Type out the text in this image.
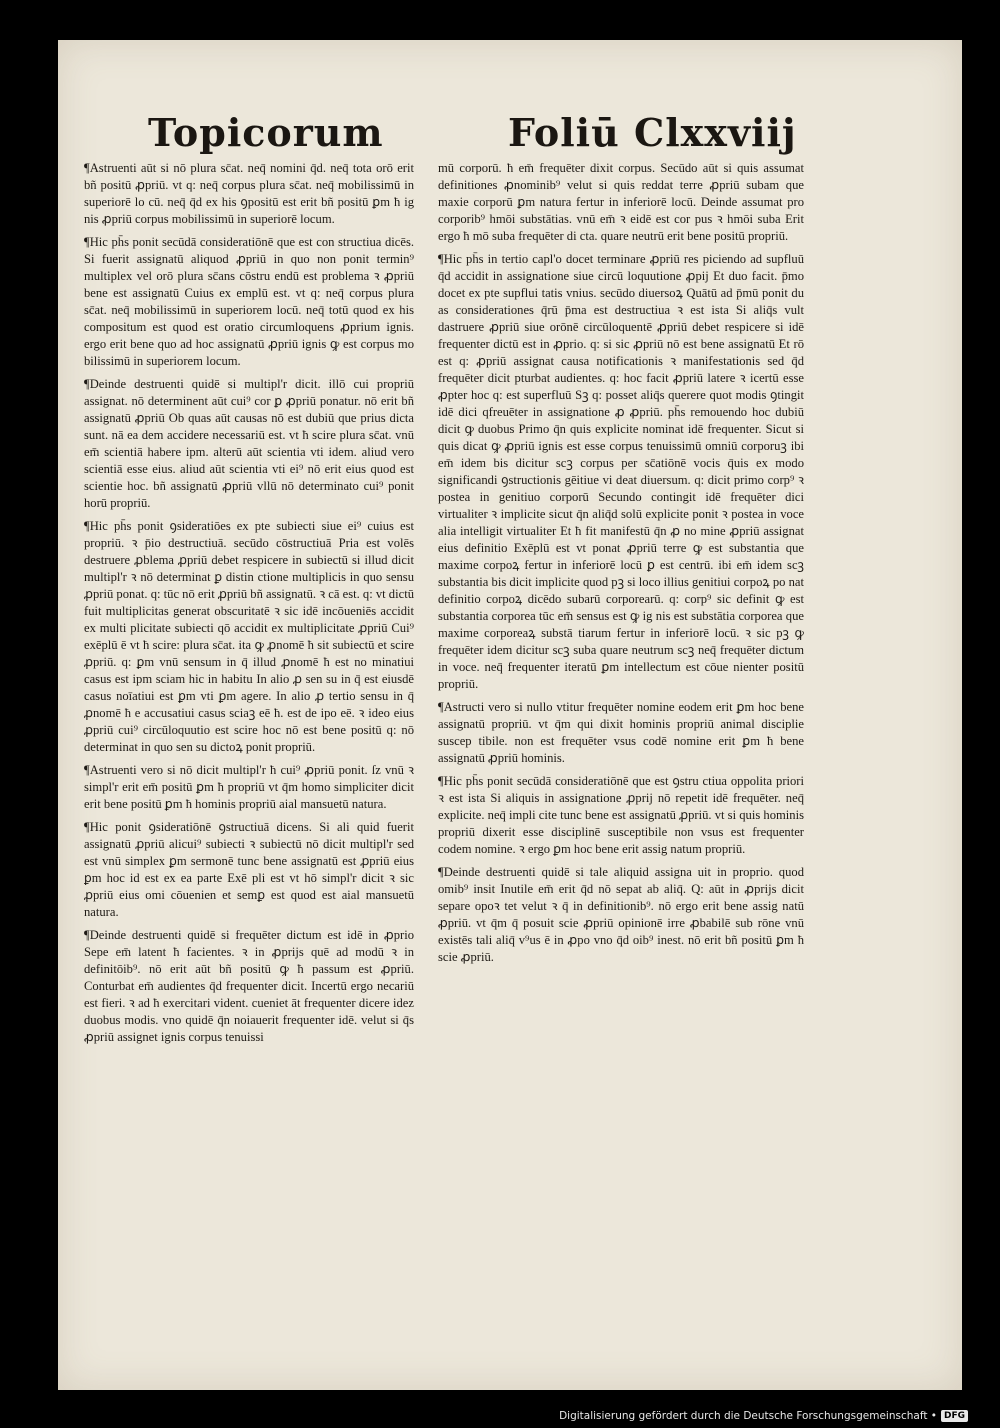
Topicorum	Foliū Clxxviij

¶Astruenti aūt si nō plura sc̄at. neq̄ nomini q̄d. neq̄ tota orō erit bñ positū ꝓpriū. vt q: neq̄ corpus plura sc̄at. neq̄ mobilissimū in superiorē lo cū. neq̄ q̄d ex his ꝯpositū est erit bñ positū ꝑm ħ ig nis ꝓpriū corpus mobilissimū in superiorē locum.

¶Hic ph̄s ponit secūdā consideratiōnē que est con structiua dicēs. Si fuerit assignatū aliquod ꝓpriū in quo non ponit termin⁹ multiplex vel orō plura sc̄ans cōstru endū est problema ꝛ ꝓpriū bene est assignatū Cuius ex emplū est. vt q: neq̄ corpus plura sc̄at. neq̄ mobilissimū in superiorem locū. neq̄ totū quod ex his compositum est quod est oratio circumloquens ꝓprium ignis. ergo erit bene quo ad hoc assignatū ꝓpriū ignis ꝙ est corpus mo bilissimū in superiorem locum.

¶Deinde destruenti quidē si multipl'r dicit. illō cui propriū assignat. nō determinent aūt cui⁹ cor ꝑ ꝓpriū ponatur. nō erit bñ assignatū ꝓpriū Ob quas aūt causas nō est dubiū que prius dicta sunt. nā ea dem accidere necessariū est. vt ħ scire plura sc̄at. vnū em̄ scientiā habere ipm. alterū aūt scientia vti idem. aliud vero scientiā esse eius. aliud aūt scientia vti ei⁹ nō erit eius quod est scientie hoc. bñ assignatū ꝓpriū vllū nō determinato cui⁹ ponit horū propriū.

¶Hic ph̄s ponit ꝯsideratiōes ex pte subiecti siue ei⁹ cuius est propriū. ꝛ p̄io destructiuā. secūdo cōstructiuā Pria est volēs destruere ꝓblema ꝓpriū debet respicere in subiectū si illud dicit multipl'r ꝛ nō determinat ꝑ distin ctione multiplicis in quo sensu ꝓpriū ponat. q: tūc nō erit ꝓpriū bñ assignatū. ꝛ cā est. q: vt dictū fuit multiplicitas generat obscuritatē ꝛ sic idē incōueniēs accidit ex multi plicitate subiecti qō accidit ex multiplicitate ꝓpriū Cui⁹ exēplū ē vt ħ scire: plura sc̄at. ita ꝙ ꝓnomē ħ sit subiectū et scire ꝓpriū. q: ꝑm vnū sensum in q̄ illud ꝓnomē ħ est no minatiui casus est ipm sciam hic in habitu In alio ꝓ sen su in q̄ est eiusdē casus noīatiui est ꝑm vti ꝑm agere. In alio ꝓ tertio sensu in q̄ ꝓnomē ħ e accusatiui casus sciaꝫ eē ħ. est de ipo eē. ꝛ ideo eius ꝓpriū cui⁹ circūloquutio est scire hoc nō est bene positū q: nō determinat in quo sen su dictoꝝ ponit propriū.

¶Astruenti vero si nō dicit multipl'r ħ cui⁹ ꝓpriū ponit. ſz vnū ꝛ simpl'r erit em̄ positū ꝑm ħ propriū vt q̄m homo simpliciter dicit erit bene positū ꝑm ħ hominis propriū aial mansuetū natura.

¶Hic ponit ꝯsideratiōnē ꝯstructiuā dicens. Si ali quid fuerit assignatū ꝓpriū alicui⁹ subiecti ꝛ subiectū nō dicit multipl'r sed est vnū simplex ꝑm sermonē tunc bene assignatū est ꝓpriū eius ꝑm hoc id est ex ea parte Exē pli est vt hō simpl'r dicit ꝛ sic ꝓpriū eius omi cōuenien et semꝑ est quod est aial mansuetū natura.

¶Deinde destruenti quidē si frequēter dictum est idē in ꝓprio Sepe em̄ latent ħ facientes. ꝛ in ꝓprijs quē ad modū ꝛ in definitōib⁹. nō erit aūt bñ positū ꝙ ħ passum est ꝓpriū. Conturbat em̄ audientes q̄d frequenter dicit. Incertū ergo necariū est fieri. ꝛ ad ħ exercitari vident. cueniet āt frequenter dicere idez duobus modis. vno quidē q̄n noiauerit frequenter idē. velut si q̄s ꝓpriū assignet ignis corpus tenuissi

mū corporū. ħ em̄ frequēter dixit corpus. Secūdo aūt si quis assumat definitiones ꝓnominib⁹ velut si quis reddat terre ꝓpriū subam que maxie corporū ꝑm natura fertur in inferiorē locū. Deinde assumat pro corporib⁹ hmōi substātias. vnū em̄ ꝛ eidē est cor pus ꝛ hmōi suba Erit ergo ħ mō suba frequēter di cta. quare neutrū erit bene positū propriū.

¶Hic ph̄s in tertio capl'o docet terminare ꝓpriū res piciendo ad supfluū q̄d accidit in assignatione siue circū loquutione ꝓpij Et duo facit. p̄mo docet ex pte supflui tatis vnius. secūdo diuersoꝝ Quātū ad p̄mū ponit du as considerationes q̄rū p̄ma est destructiua ꝛ est ista Si aliq̄s vult dastruere ꝓpriū siue orōnē circūloquentē ꝓpriū debet respicere si idē frequenter dictū est in ꝓprio. q: si sic ꝓpriū nō est bene assignatū Et rō est q: ꝓpriū assignat causa notificationis ꝛ manifestationis sed q̄d frequēter dicit pturbat audientes. q: hoc facit ꝓpriū latere ꝛ icertū esse ꝓpter hoc q: est superfluū Sꝫ q: posset aliq̄s querere quot modis ꝯtingit idē dici qfreuēter in assignatione ꝓ ꝓpriū. ph̄s remouendo hoc dubiū dicit ꝙ duobus Primo q̄n quis explicite nominat idē frequenter. Sicut si quis dicat ꝙ ꝓpriū ignis est esse corpus tenuissimū omniū corporuꝫ ibi em̄ idem bis dicitur scꝫ corpus per sc̄atiōnē vocis q̄uis ex modo significandi ꝯstructionis gēitiue vi deat diuersum. q: dicit primo corp⁹ ꝛ postea in genitiuo corporū Secundo contingit idē frequēter dici virtualiter ꝛ implicite sicut q̄n aliq̄d solū explicite ponit ꝛ postea in voce alia intelligit virtualiter Et ħ fit manifestū q̄n ꝓ no mine ꝓpriū assignat eius definitio Exēplū est vt ponat ꝓpriū terre ꝙ est substantia que maxime corpoꝝ fertur in inferiorē locū ꝑ est centrū. ibi em̄ idem scꝫ substantia bis dicit implicite quod pꝫ si loco illius genitiui corpoꝝ po nat definitio corpoꝝ dicēdo subarū corporearū. q: corp⁹ sic definit ꝙ est substantia corporea tūc em̄ sensus est ꝙ ig nis est substātia corporea que maxime corporeaꝝ substā tiarum fertur in inferiorē locū. ꝛ sic pꝫ ꝙ frequēter idem dicitur scꝫ suba quare neutrum scꝫ neq̄ frequēter dictum in voce. neq̄ frequenter iteratū ꝑm intellectum est cōue nienter positū propriū.

¶Astructi vero si nullo vtitur frequēter nomine eodem erit ꝑm hoc bene assignatū propriū. vt q̄m qui dixit hominis propriū animal disciplie suscep tibile. non est frequēter vsus codē nomine erit ꝑm ħ bene assignatū ꝓpriū hominis.

¶Hic ph̄s ponit secūdā consideratiōnē que est ꝯstru ctiua oppolita priori ꝛ est ista Si aliquis in assignatione ꝓprij nō repetit idē frequēter. neq̄ explicite. neq̄ impli cite tunc bene est assignatū ꝓpriū. vt si quis hominis propriū dixerit esse disciplinē susceptibile non vsus est frequenter codem nomine. ꝛ ergo ꝑm hoc bene erit assig natum propriū.

¶Deinde destruenti quidē si tale aliquid assigna uit in proprio. quod omib⁹ insit Inutile em̄ erit q̄d nō sepat ab aliq̄. Q: aūt in ꝓprijs dicit separe opoꝛ tet velut ꝛ q̄ in definitionib⁹. nō ergo erit bene assig natū ꝓpriū. vt q̄m q̄ posuit scie ꝓpriū opinionē irre ꝓbabilē sub rōne vnū existēs tali aliq̄ v⁹us ē in ꝓpo vno q̄d oib⁹ inest. nō erit bñ positū ꝑm ħ scie ꝓpriū.

Digitalisierung gefördert durch die Deutsche Forschungsgemeinschaft • DFG
